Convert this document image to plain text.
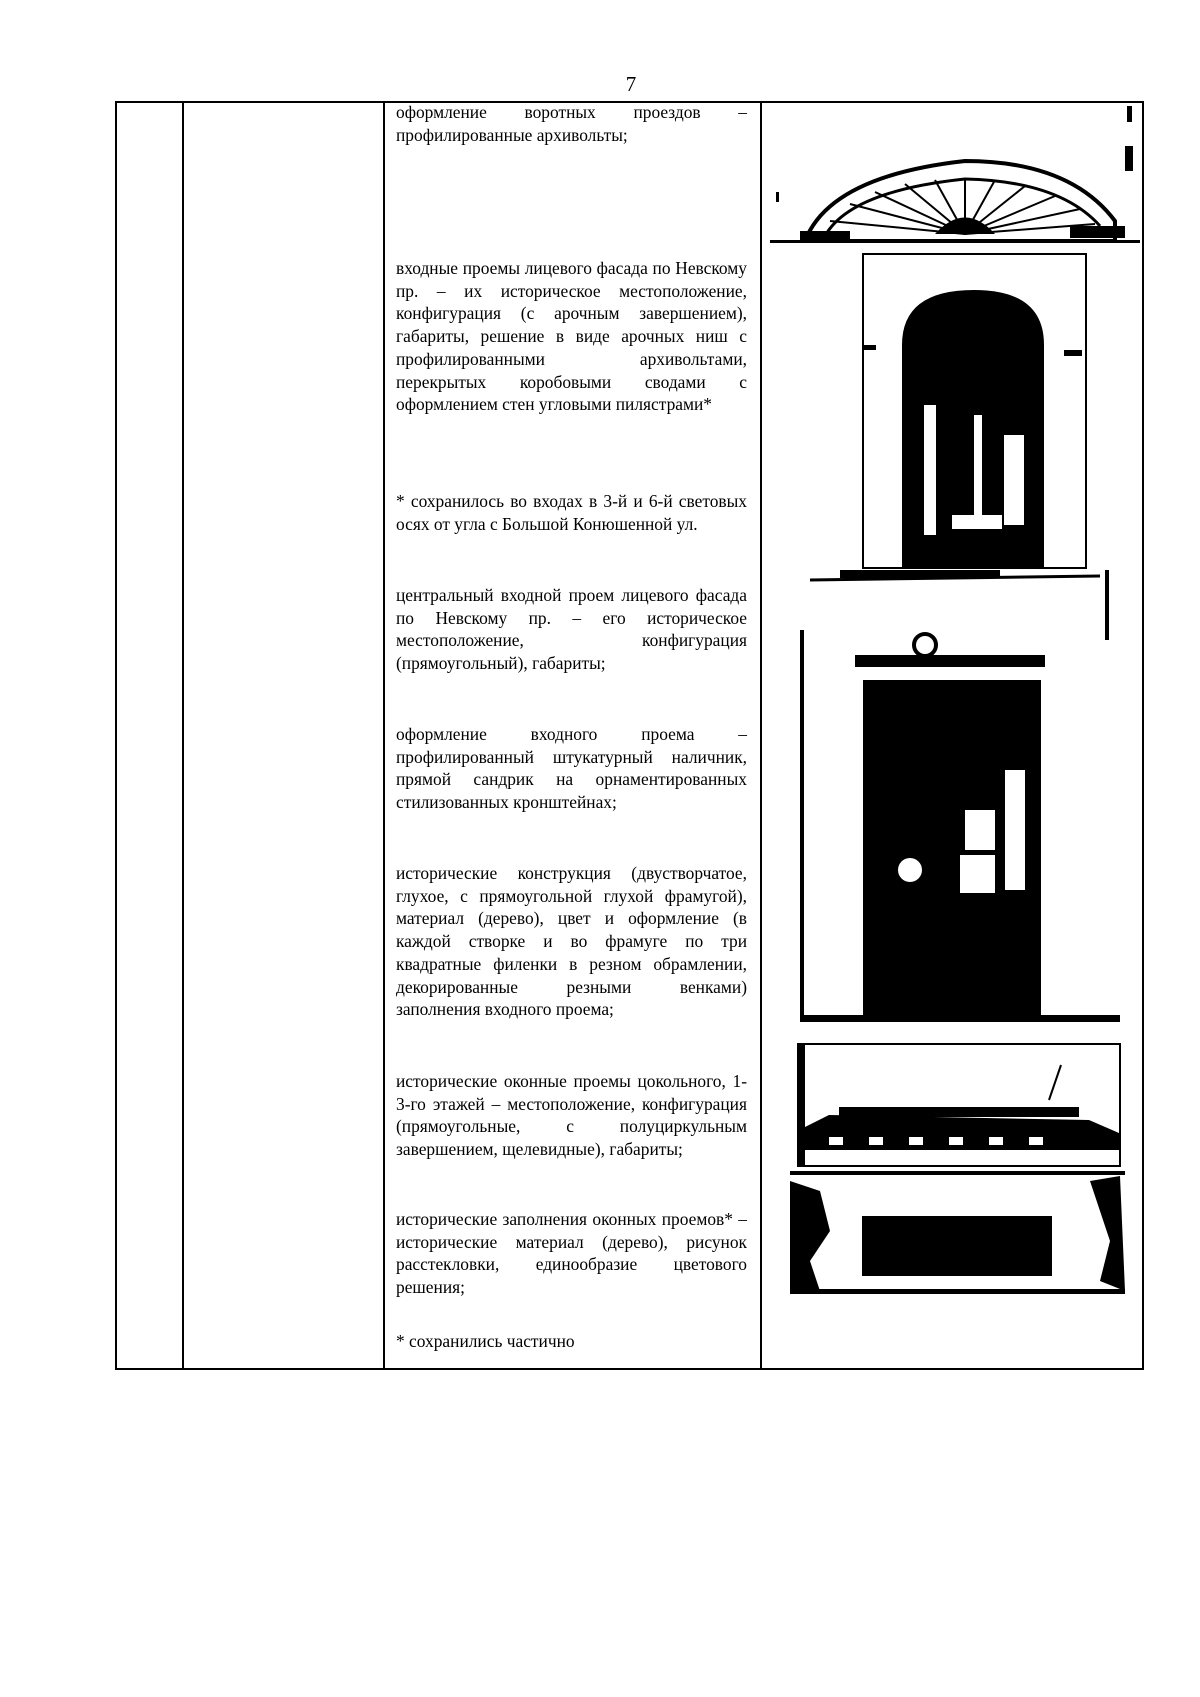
7

оформление воротных проездов – профилированные архивольты;
входные проемы лицевого фасада по Невскому пр. – их историческое местоположение, конфигурация (с арочным завершением), габариты, решение в виде арочных ниш с профилированными архивольтами, перекрытых коробовыми сводами с оформлением стен угловыми пилястрами*
* сохранилось во входах в 3-й и 6-й световых осях от угла с Большой Конюшенной ул.
центральный входной проем лицевого фасада по Невскому пр. – его историческое местоположение, конфигурация (прямоугольный), габариты;
оформление входного проема – профилированный штукатурный наличник, прямой сандрик на орнаментированных стилизованных кронштейнах;
исторические конструкция (двустворчатое, глухое, с прямоугольной глухой фрамугой), материал (дерево), цвет и оформление (в каждой створке и во фрамуге по три квадратные филенки в резном обрамлении, декорированные резными венками) заполнения входного проема;
исторические оконные проемы цокольного, 1-3-го этажей – местоположение, конфигурация (прямоугольные, с полуциркульным завершением, щелевидные), габариты;
исторические заполнения оконных проемов* – исторические материал (дерево), рисунок расстекловки, единообразие цветового решения;
* сохранились частично
